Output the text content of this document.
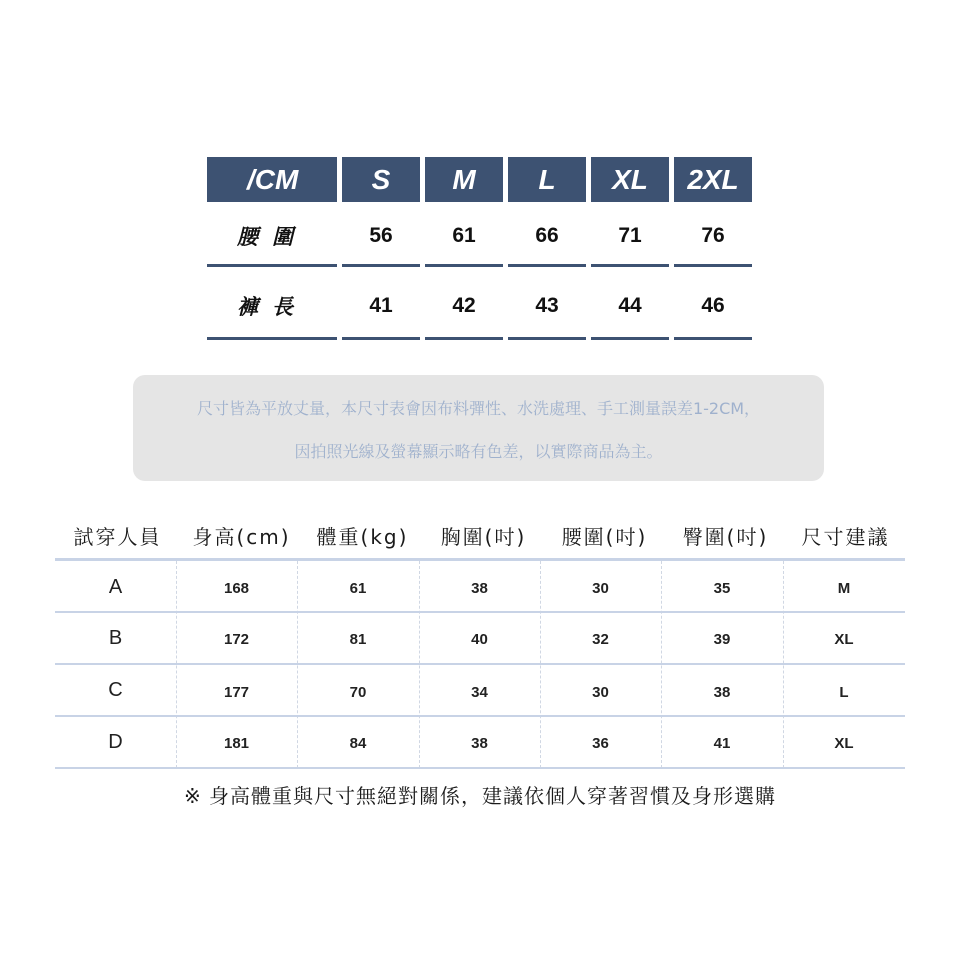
/CM	S	M	L	XL	2XL
腰圍	56	61	66	71	76
褲長	41	42	43	44	46
尺寸皆為平放丈量，本尺寸表會因布料彈性、水洗處理、手工測量誤差1-2CM，
因拍照光線及螢幕顯示略有色差，以實際商品為主。
試穿人員	身高(cm)	體重(kg)	胸圍(吋)	腰圍(吋)	臀圍(吋)	尺寸建議
A	168	61	38	30	35	M
B	172	81	40	32	39	XL
C	177	70	34	30	38	L
D	181	84	38	36	41	XL
※ 身高體重與尺寸無絕對關係，建議依個人穿著習慣及身形選購
